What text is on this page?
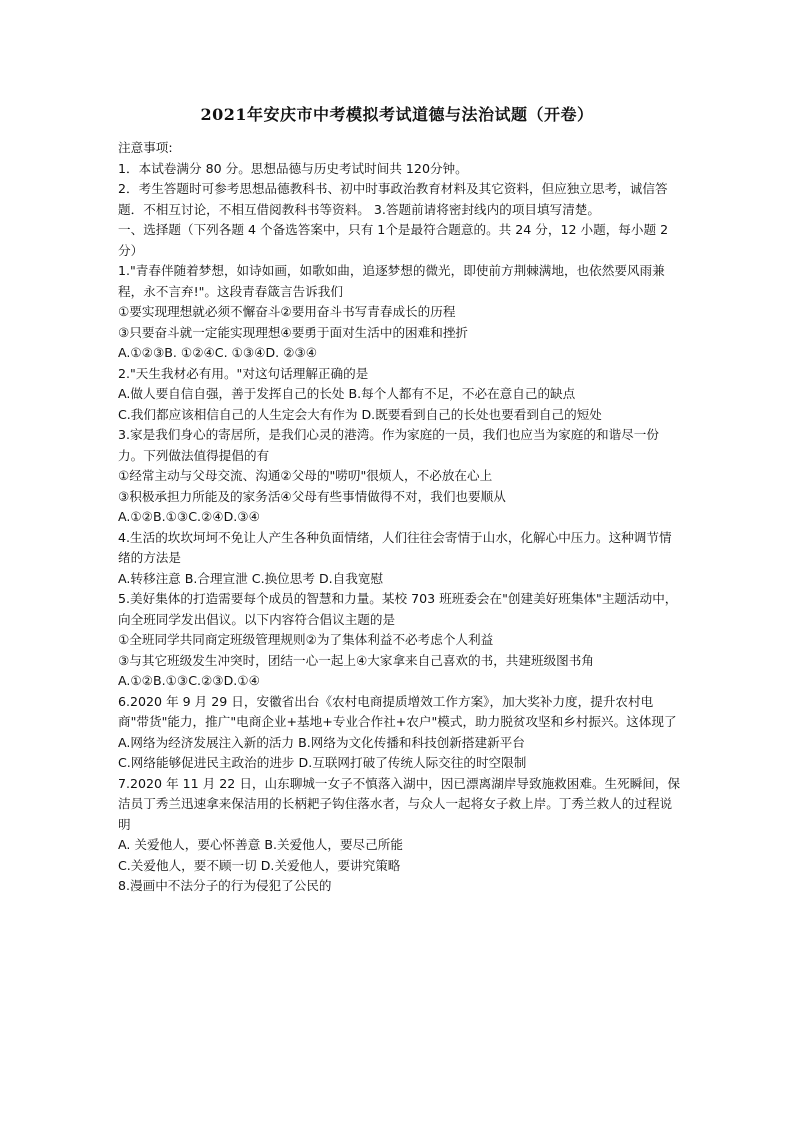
2021年安庆市中考模拟考试道德与法治试题（开卷）

注意事项:

1．本试卷满分 80 分。思想品德与历史考试时间共 120分钟。

2．考生答题时可参考思想品德教科书、初中时事政治教育材料及其它资料，但应独立思考，诚信答题．不相互讨论，不相互借阅教科书等资料。 3.答题前请将密封线内的项目填写清楚。

一、选择题（下列各题 4 个备选答案中，只有 1个是最符合题意的。共 24 分，12 小题，每小题 2分）

1."青春伴随着梦想，如诗如画，如歌如曲，追逐梦想的微光，即使前方荆棘满地，也依然要风雨兼程，永不言弃!"。这段青春箴言告诉我们

①要实现理想就必须不懈奋斗②要用奋斗书写青春成长的历程

③只要奋斗就一定能实现理想④要勇于面对生活中的困难和挫折

A.①②③B. ①②④C. ①③④D. ②③④

2."天生我材必有用。"对这句话理解正确的是

A.做人要自信自强，善于发挥自己的长处 B.每个人都有不足，不必在意自己的缺点

C.我们都应该相信自己的人生定会大有作为 D.既要看到自己的长处也要看到自己的短处

3.家是我们身心的寄居所，是我们心灵的港湾。作为家庭的一员，我们也应当为家庭的和谐尽一份力。下列做法值得提倡的有

①经常主动与父母交流、沟通②父母的"唠叨"很烦人，不必放在心上

③积极承担力所能及的家务活④父母有些事情做得不对，我们也要顺从

A.①②B.①③C.②④D.③④

4.生活的坎坎坷坷不免让人产生各种负面情绪，人们往往会寄情于山水，化解心中压力。这种调节情绪的方法是

A.转移注意 B.合理宣泄 C.换位思考 D.自我宽慰

5.美好集体的打造需要每个成员的智慧和力量。某校 703 班班委会在"创建美好班集体"主题活动中，向全班同学发出倡议。以下内容符合倡议主题的是

①全班同学共同商定班级管理规则②为了集体利益不必考虑个人利益

③与其它班级发生冲突时，团结一心一起上④大家拿来自己喜欢的书，共建班级图书角

A.①②B.①③C.②③D.①④

6.2020 年 9 月 29 日，安徽省出台《农村电商提质增效工作方案》，加大奖补力度，提升农村电商"带货"能力，推广"电商企业+基地+专业合作社+农户"模式，助力脱贫攻坚和乡村振兴。这体现了

A.网络为经济发展注入新的活力 B.网络为文化传播和科技创新搭建新平台

C.网络能够促进民主政治的进步 D.互联网打破了传统人际交往的时空限制

7.2020 年 11 月 22 日，山东聊城一女子不慎落入湖中，因已漂离湖岸导致施救困难。生死瞬间，保洁员丁秀兰迅速拿来保洁用的长柄耙子钩住落水者，与众人一起将女子救上岸。丁秀兰救人的过程说明

A. 关爱他人，要心怀善意 B.关爱他人，要尽己所能

C.关爱他人，要不顾一切 D.关爱他人，要讲究策略

8.漫画中不法分子的行为侵犯了公民的
